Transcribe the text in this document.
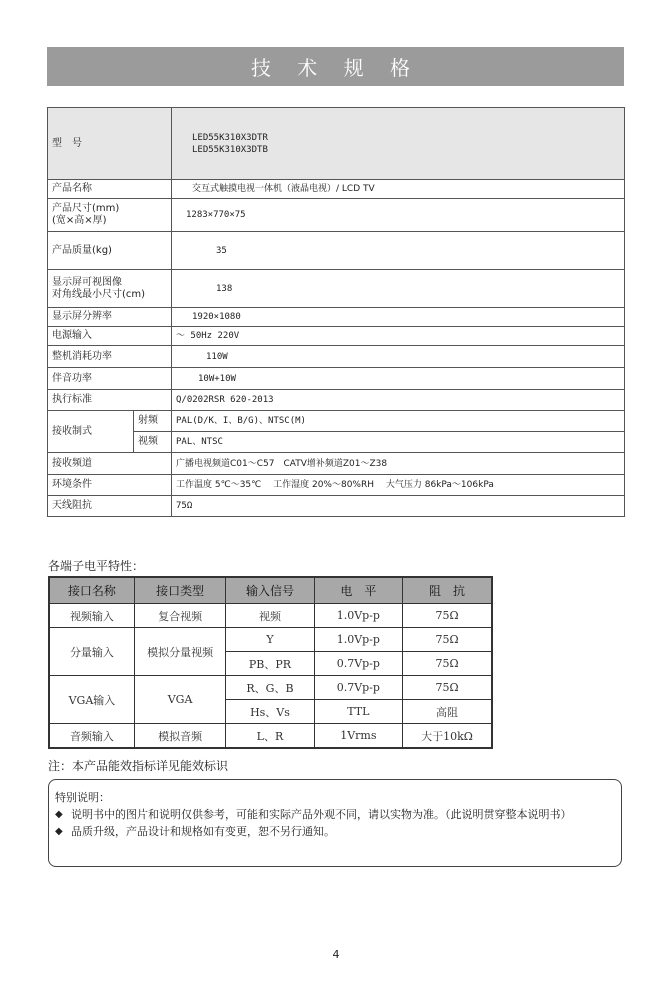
技 术 规 格
型　号		LED55K310X3DTR
LED55K310X3DTB

产品名称		交互式触摸电视一体机（液晶电视）/ LCD TV

产品尺寸(mm)
(宽×高×厚)		1283×770×75
产品质量(kg)		35

显示屏可视图像
对角线最小尺寸(cm)		138
显示屏分辨率		1920×1080
电源输入		～ 50Hz 220V
整机消耗功率		110W
伴音功率		10W+10W
执行标准		Q/0202RSR 620-2013
接收制式	射频	PAL(D/K、I、B/G)、NTSC(M)
	视频	PAL、NTSC
接收频道		广播电视频道C01～C57　CATV增补频道Z01～Z38
环境条件		工作温度 5℃～35℃　 工作湿度 20%～80%RH　 大气压力 86kPa～106kPa
天线阻抗		75Ω
各端子电平特性：
接口名称	接口类型	输入信号	电　平	阻　抗
视频输入	复合视频	视频	1.0Vp-p	75Ω
分量输入	模拟分量视频	Y	1.0Vp-p	75Ω
		PB、PR	0.7Vp-p	75Ω
VGA输入	VGA	R、G、B	0.7Vp-p	75Ω
		Hs、Vs	TTL	高阻
音频输入	模拟音频	L、R	1Vrms	大于10kΩ
注：本产品能效指标详见能效标识
特别说明：
◆ 说明书中的图片和说明仅供参考，可能和实际产品外观不同，请以实物为准。（此说明贯穿整本说明书）
◆ 品质升级，产品设计和规格如有变更，恕不另行通知。
4
